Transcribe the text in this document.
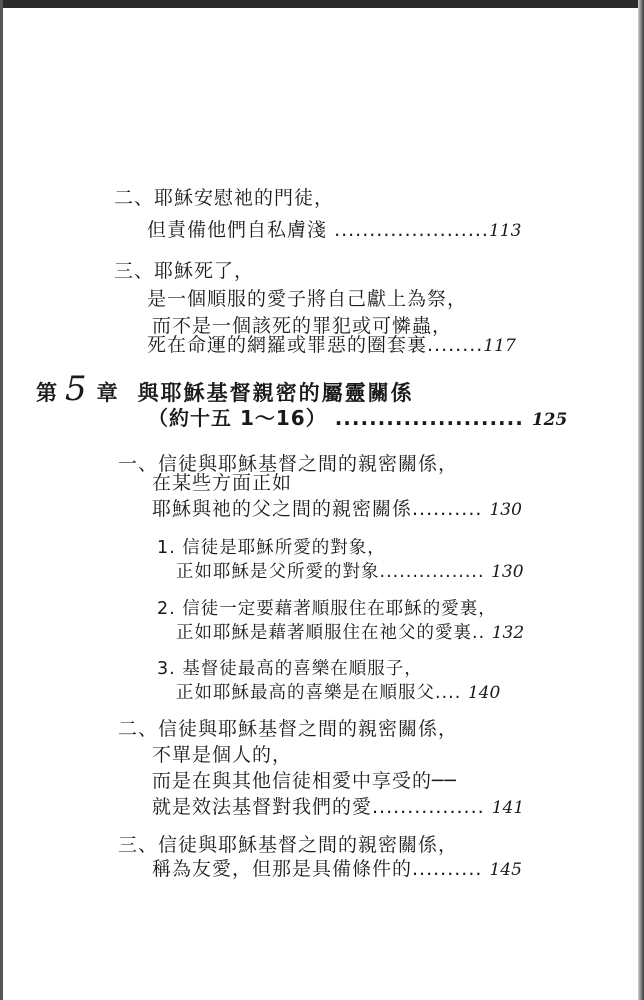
二、耶穌安慰祂的門徒，
但責備他們自私膚淺 ......................113
三、耶穌死了，
是一個順服的愛子將自己獻上為祭，
而不是一個該死的罪犯或可憐蟲，
死在命運的網羅或罪惡的圈套裏........117
第 5 章 與耶穌基督親密的屬靈關係
（約十五 1～16） ...................... 125
一、信徒與耶穌基督之間的親密關係，
在某些方面正如
耶穌與祂的父之間的親密關係.......... 130
1. 信徒是耶穌所愛的對象，
正如耶穌是父所愛的對象................ 130
2. 信徒一定要藉著順服住在耶穌的愛裏，
正如耶穌是藉著順服住在祂父的愛裏.. 132
3. 基督徒最高的喜樂在順服子，
正如耶穌最高的喜樂是在順服父.... 140
二、信徒與耶穌基督之間的親密關係，
不單是個人的，
而是在與其他信徒相愛中享受的──
就是效法基督對我們的愛................ 141
三、信徒與耶穌基督之間的親密關係，
稱為友愛，但那是具備條件的.......... 145
